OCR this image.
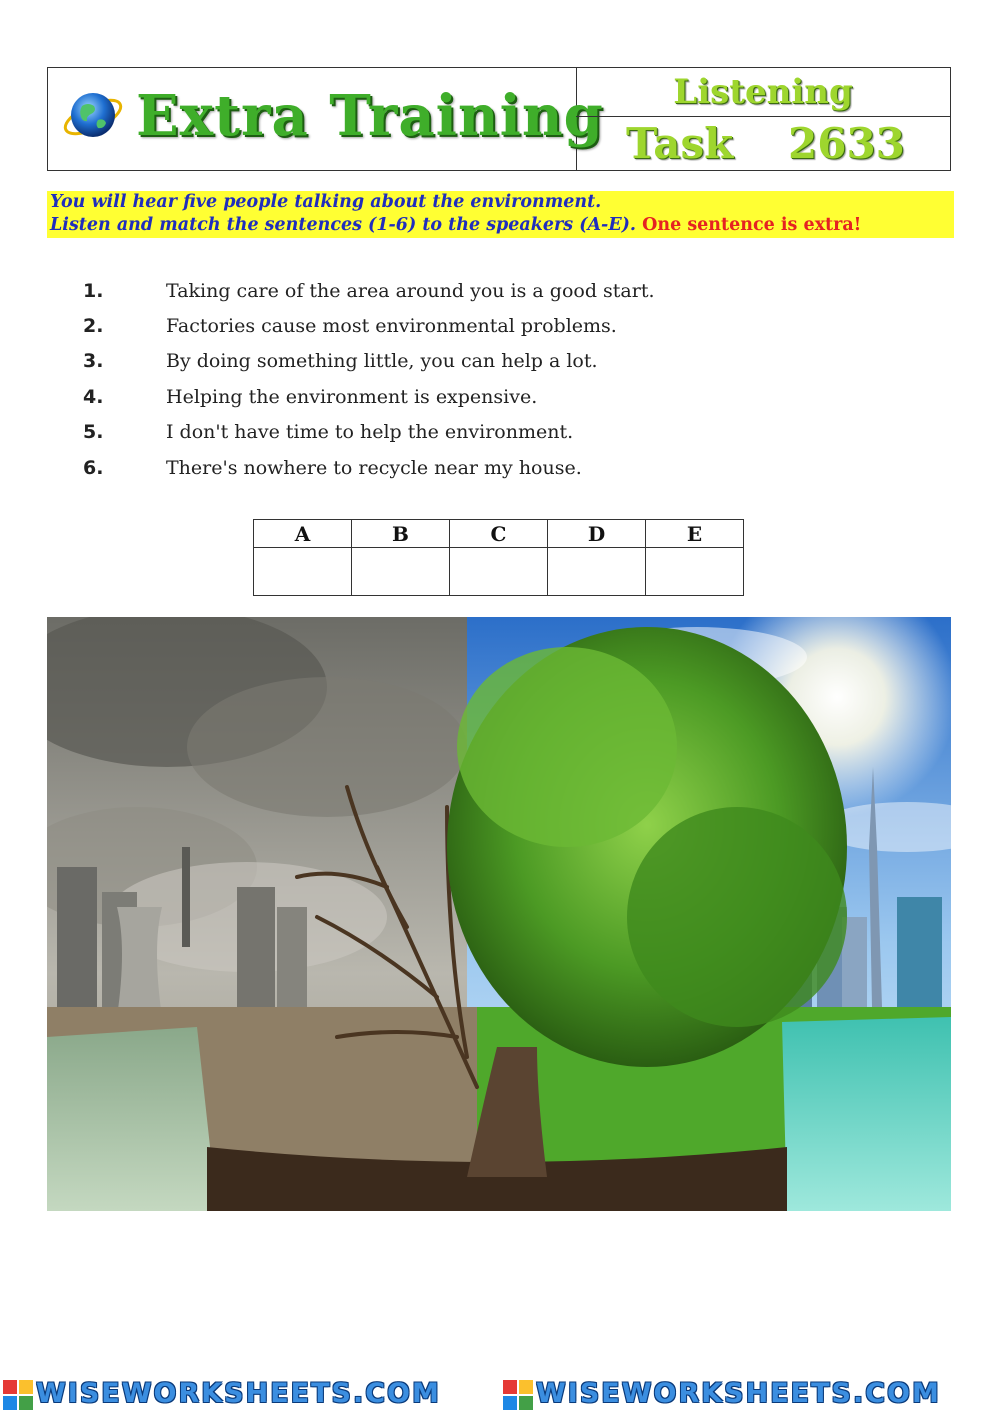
Extra Training	Listening
Task 2633
You will hear five people talking about the environment.
Listen and match the sentences (1-6) to the speakers (A-E). One sentence is extra!
1.	Taking care of the area around you is a good start.
2.	Factories cause most environmental problems.
3.	By doing something little, you can help a lot.
4.	Helping the environment is expensive.
5.	I don't have time to help the environment.
6.	There's nowhere to recycle near my house.
A	B	C	D	E

WISEWORKSHEETS.COM	WISEWORKSHEETS.COM
